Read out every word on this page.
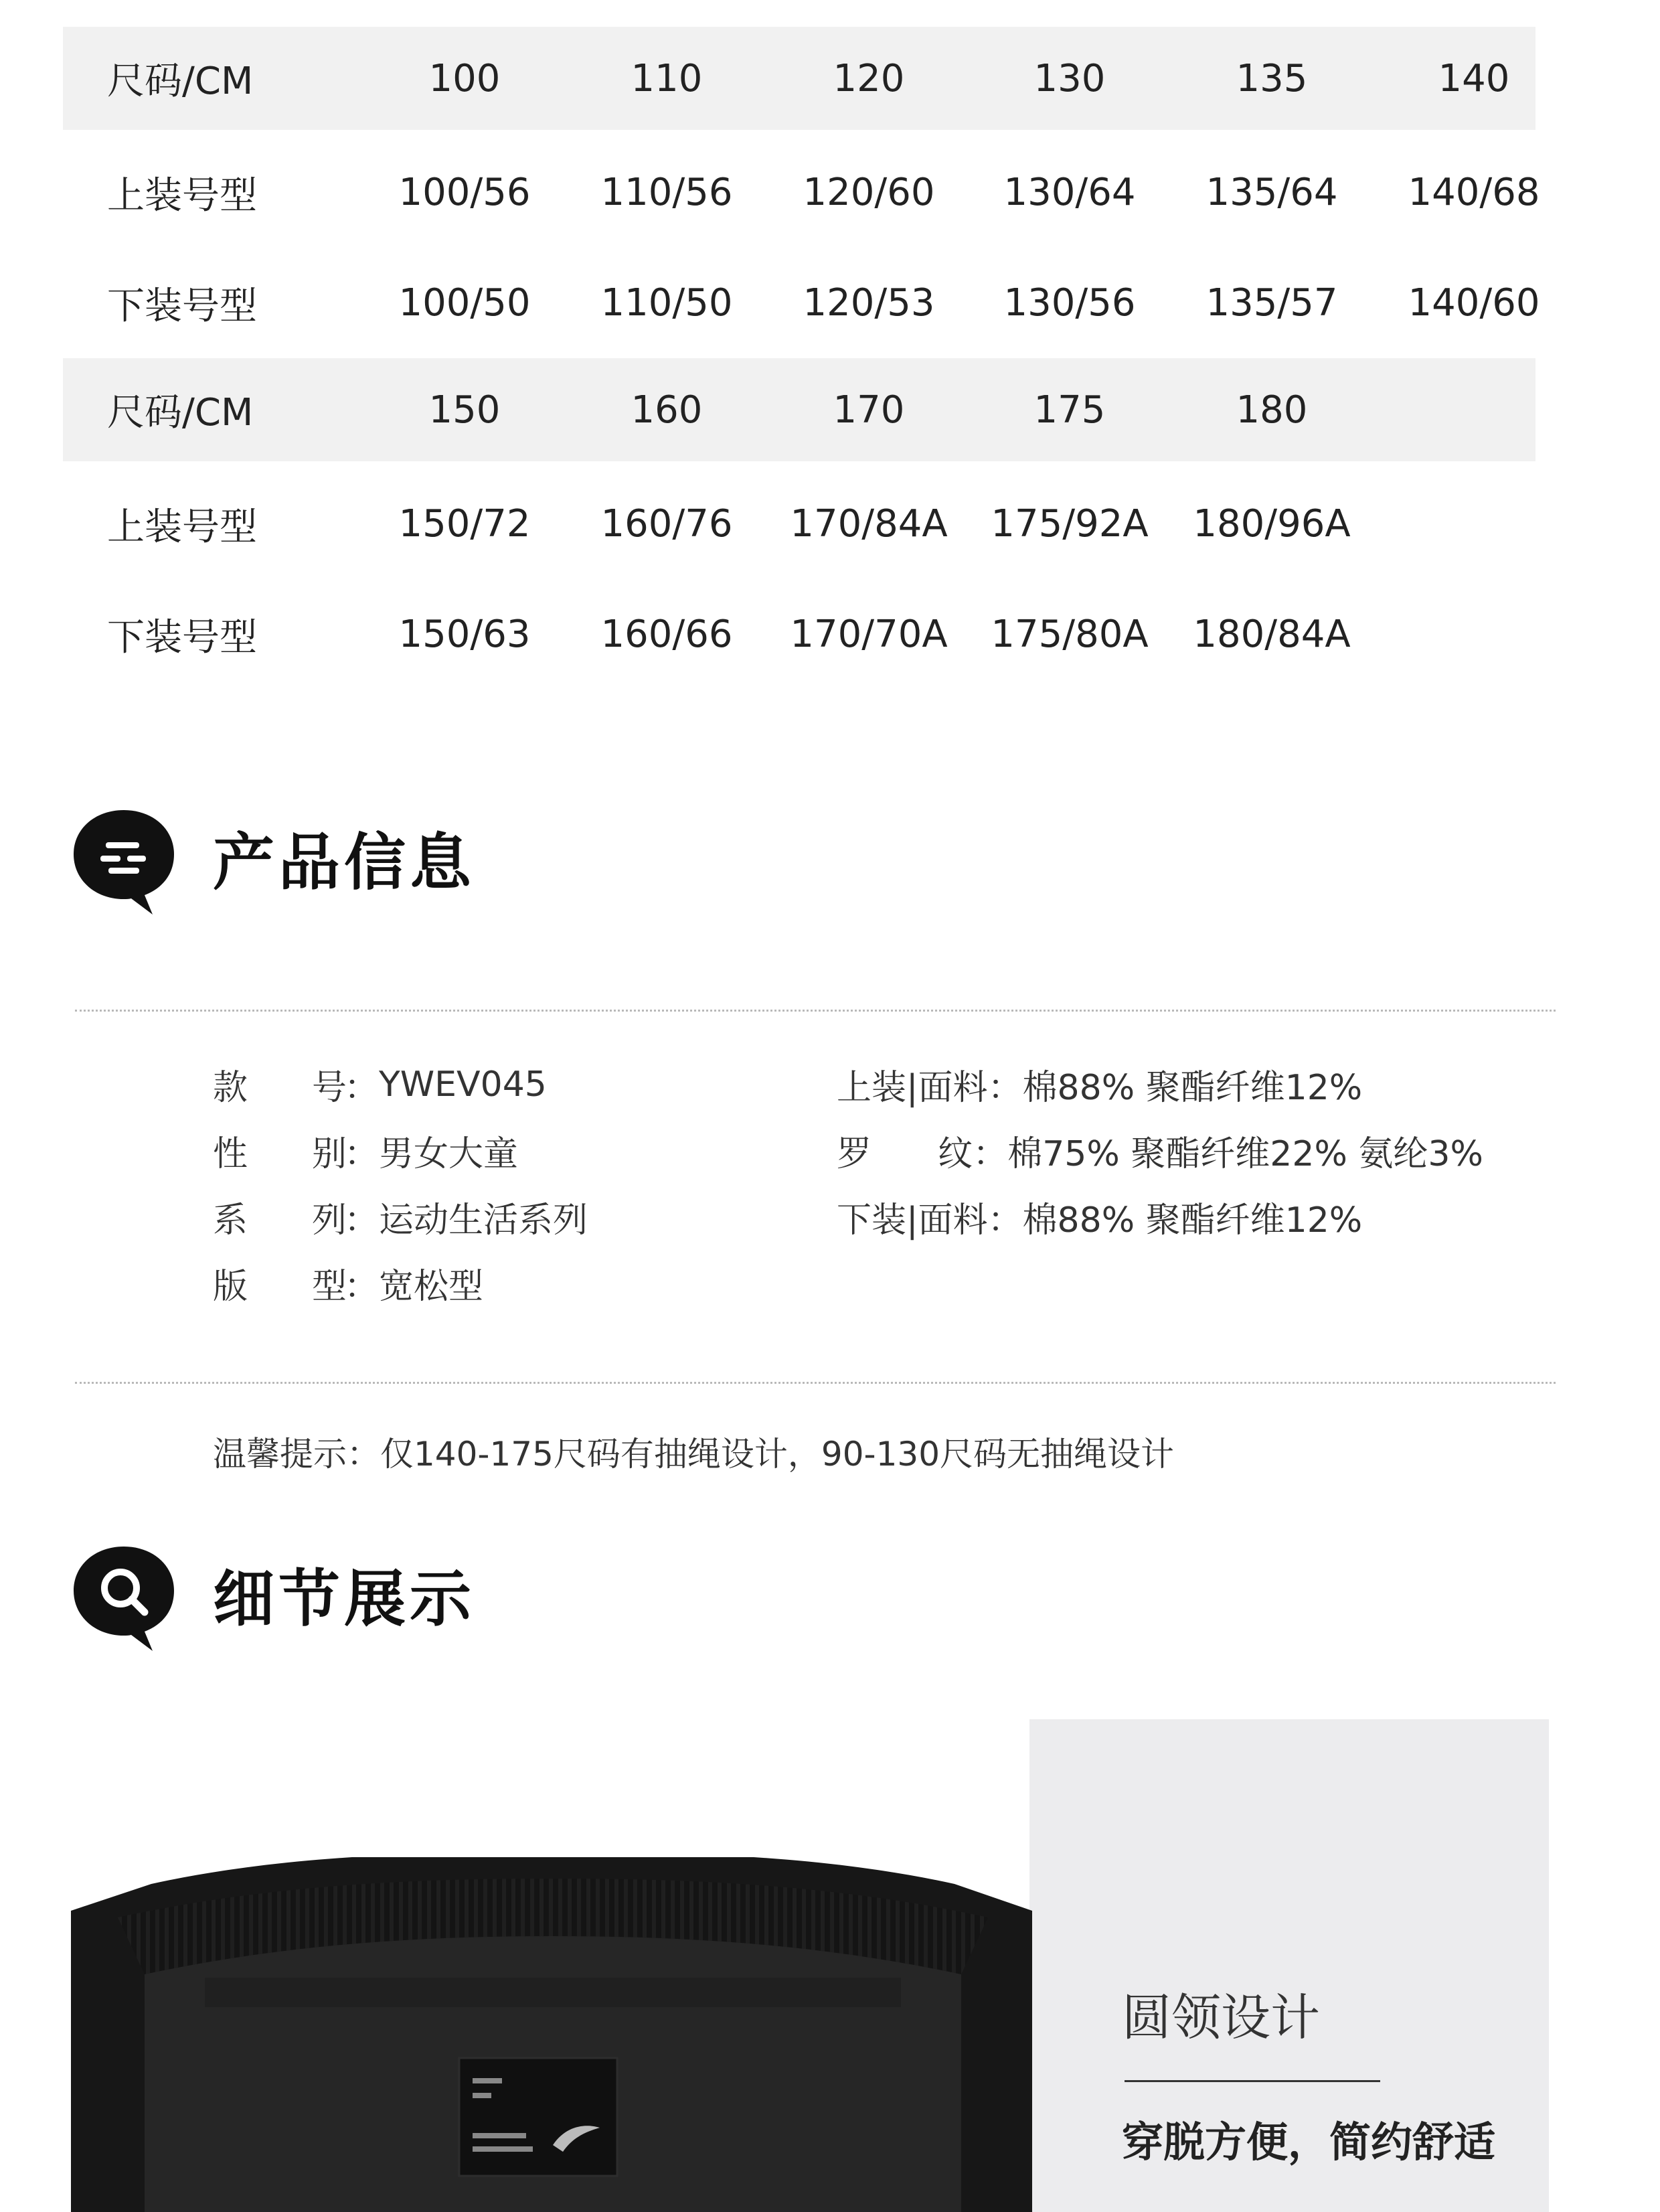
尺码/CM	100	110	120	130	135	140
上装号型	100/56	110/56	120/60	130/64	135/64	140/68
下装号型	100/50	110/50	120/53	130/56	135/57	140/60
尺码/CM	150	160	170	175	180
上装号型	150/72	160/76	170/84A 175/92A 180/96A
下装号型	150/63	160/66	170/70A 175/80A 180/84A
产品信息
款	号
： YWEV045
性	别
： 男女大童
系	列
： 运动生活系列
版	型
： 宽松型
上装|面料 ： 棉88% 聚酯纤维12%
罗      纹 ： 棉75% 聚酯纤维22% 氨纶3%
下装|面料 ： 棉88% 聚酯纤维12%
温馨提示：仅140-175尺码有抽绳设计，90-130尺码无抽绳设计
细节展示
圆领设计
穿脱方便，简约舒适
